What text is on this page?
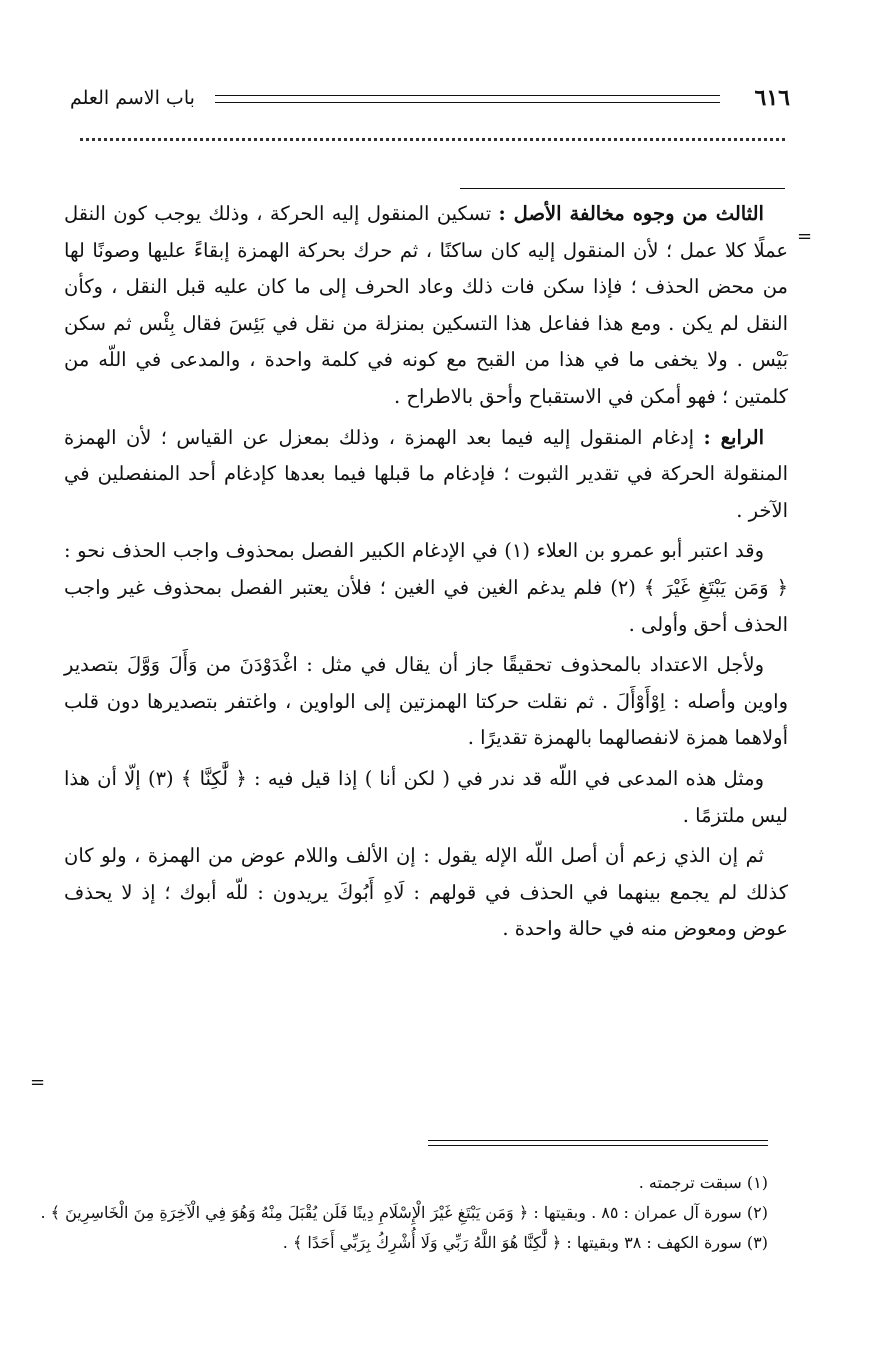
٦١٦
باب الاسم العلم
=
=

الثالث من وجوه مخالفة الأصل : تسكين المنقول إليه الحركة ، وذلك يوجب كون النقل عملًا كلا عمل ؛ لأن المنقول إليه كان ساكنًا ، ثم حرك بحركة الهمزة إبقاءً عليها وصونًا لها من محض الحذف ؛ فإذا سكن فات ذلك وعاد الحرف إلى ما كان عليه قبل النقل ، وكأن النقل لم يكن . ومع هذا ففاعل هذا التسكين بمنزلة من نقل في بَئِسَ فقال بِئْس ثم سكن بَيْس . ولا يخفى ما في هذا من القبح مع كونه في كلمة واحدة ، والمدعى في اللّه من كلمتين ؛ فهو أمكن في الاستقباح وأحق بالاطراح .

الرابع : إدغام المنقول إليه فيما بعد الهمزة ، وذلك بمعزل عن القياس ؛ لأن الهمزة المنقولة الحركة في تقدير الثبوت ؛ فإدغام ما قبلها فيما بعدها كإدغام أحد المنفصلين في الآخر .

وقد اعتبر أبو عمرو بن العلاء (١) في الإدغام الكبير الفصل بمحذوف واجب الحذف نحو : ﴿ وَمَن يَبْتَغِ غَيْرَ ﴾ (٢) فلم يدغم الغين في الغين ؛ فلأن يعتبر الفصل بمحذوف غير واجب الحذف أحق وأولى .

ولأجل الاعتداد بالمحذوف تحقيقًا جاز أن يقال في مثل : اغْدَوْدَنَ من وَأَلَ وَوَّلَ بتصدير واوين وأصله : اِوْأَوْأَلَ . ثم نقلت حركتا الهمزتين إلى الواوين ، واغتفر بتصديرها دون قلب أولاهما همزة لانفصالهما بالهمزة تقديرًا .

ومثل هذه المدعى في اللّه قد ندر في ( لكن أنا ) إذا قيل فيه : ﴿ لَّٰكِنَّا ﴾ (٣) إلّا أن هذا ليس ملتزمًا .

ثم إن الذي زعم أن أصل اللّه الإله يقول : إن الألف واللام عوض من الهمزة ، ولو كان كذلك لم يجمع بينهما في الحذف في قولهم : لَاهِ أَبُوكَ يريدون : للّه أبوك ؛ إذ لا يحذف عوض ومعوض منه في حالة واحدة .

(١) سبقت ترجمته .
(٢) سورة آل عمران : ٨٥ . وبقيتها : ﴿ وَمَن يَبْتَغِ غَيْرَ الْإِسْلَامِ دِينًا فَلَن يُقْبَلَ مِنْهُ وَهُوَ فِي الْآخِرَةِ مِنَ الْخَاسِرِينَ ﴾ .
(٣) سورة الكهف : ٣٨ وبقيتها : ﴿ لَّٰكِنَّا هُوَ اللَّهُ رَبِّي وَلَا أُشْرِكُ بِرَبِّي أَحَدًا ﴾ .
